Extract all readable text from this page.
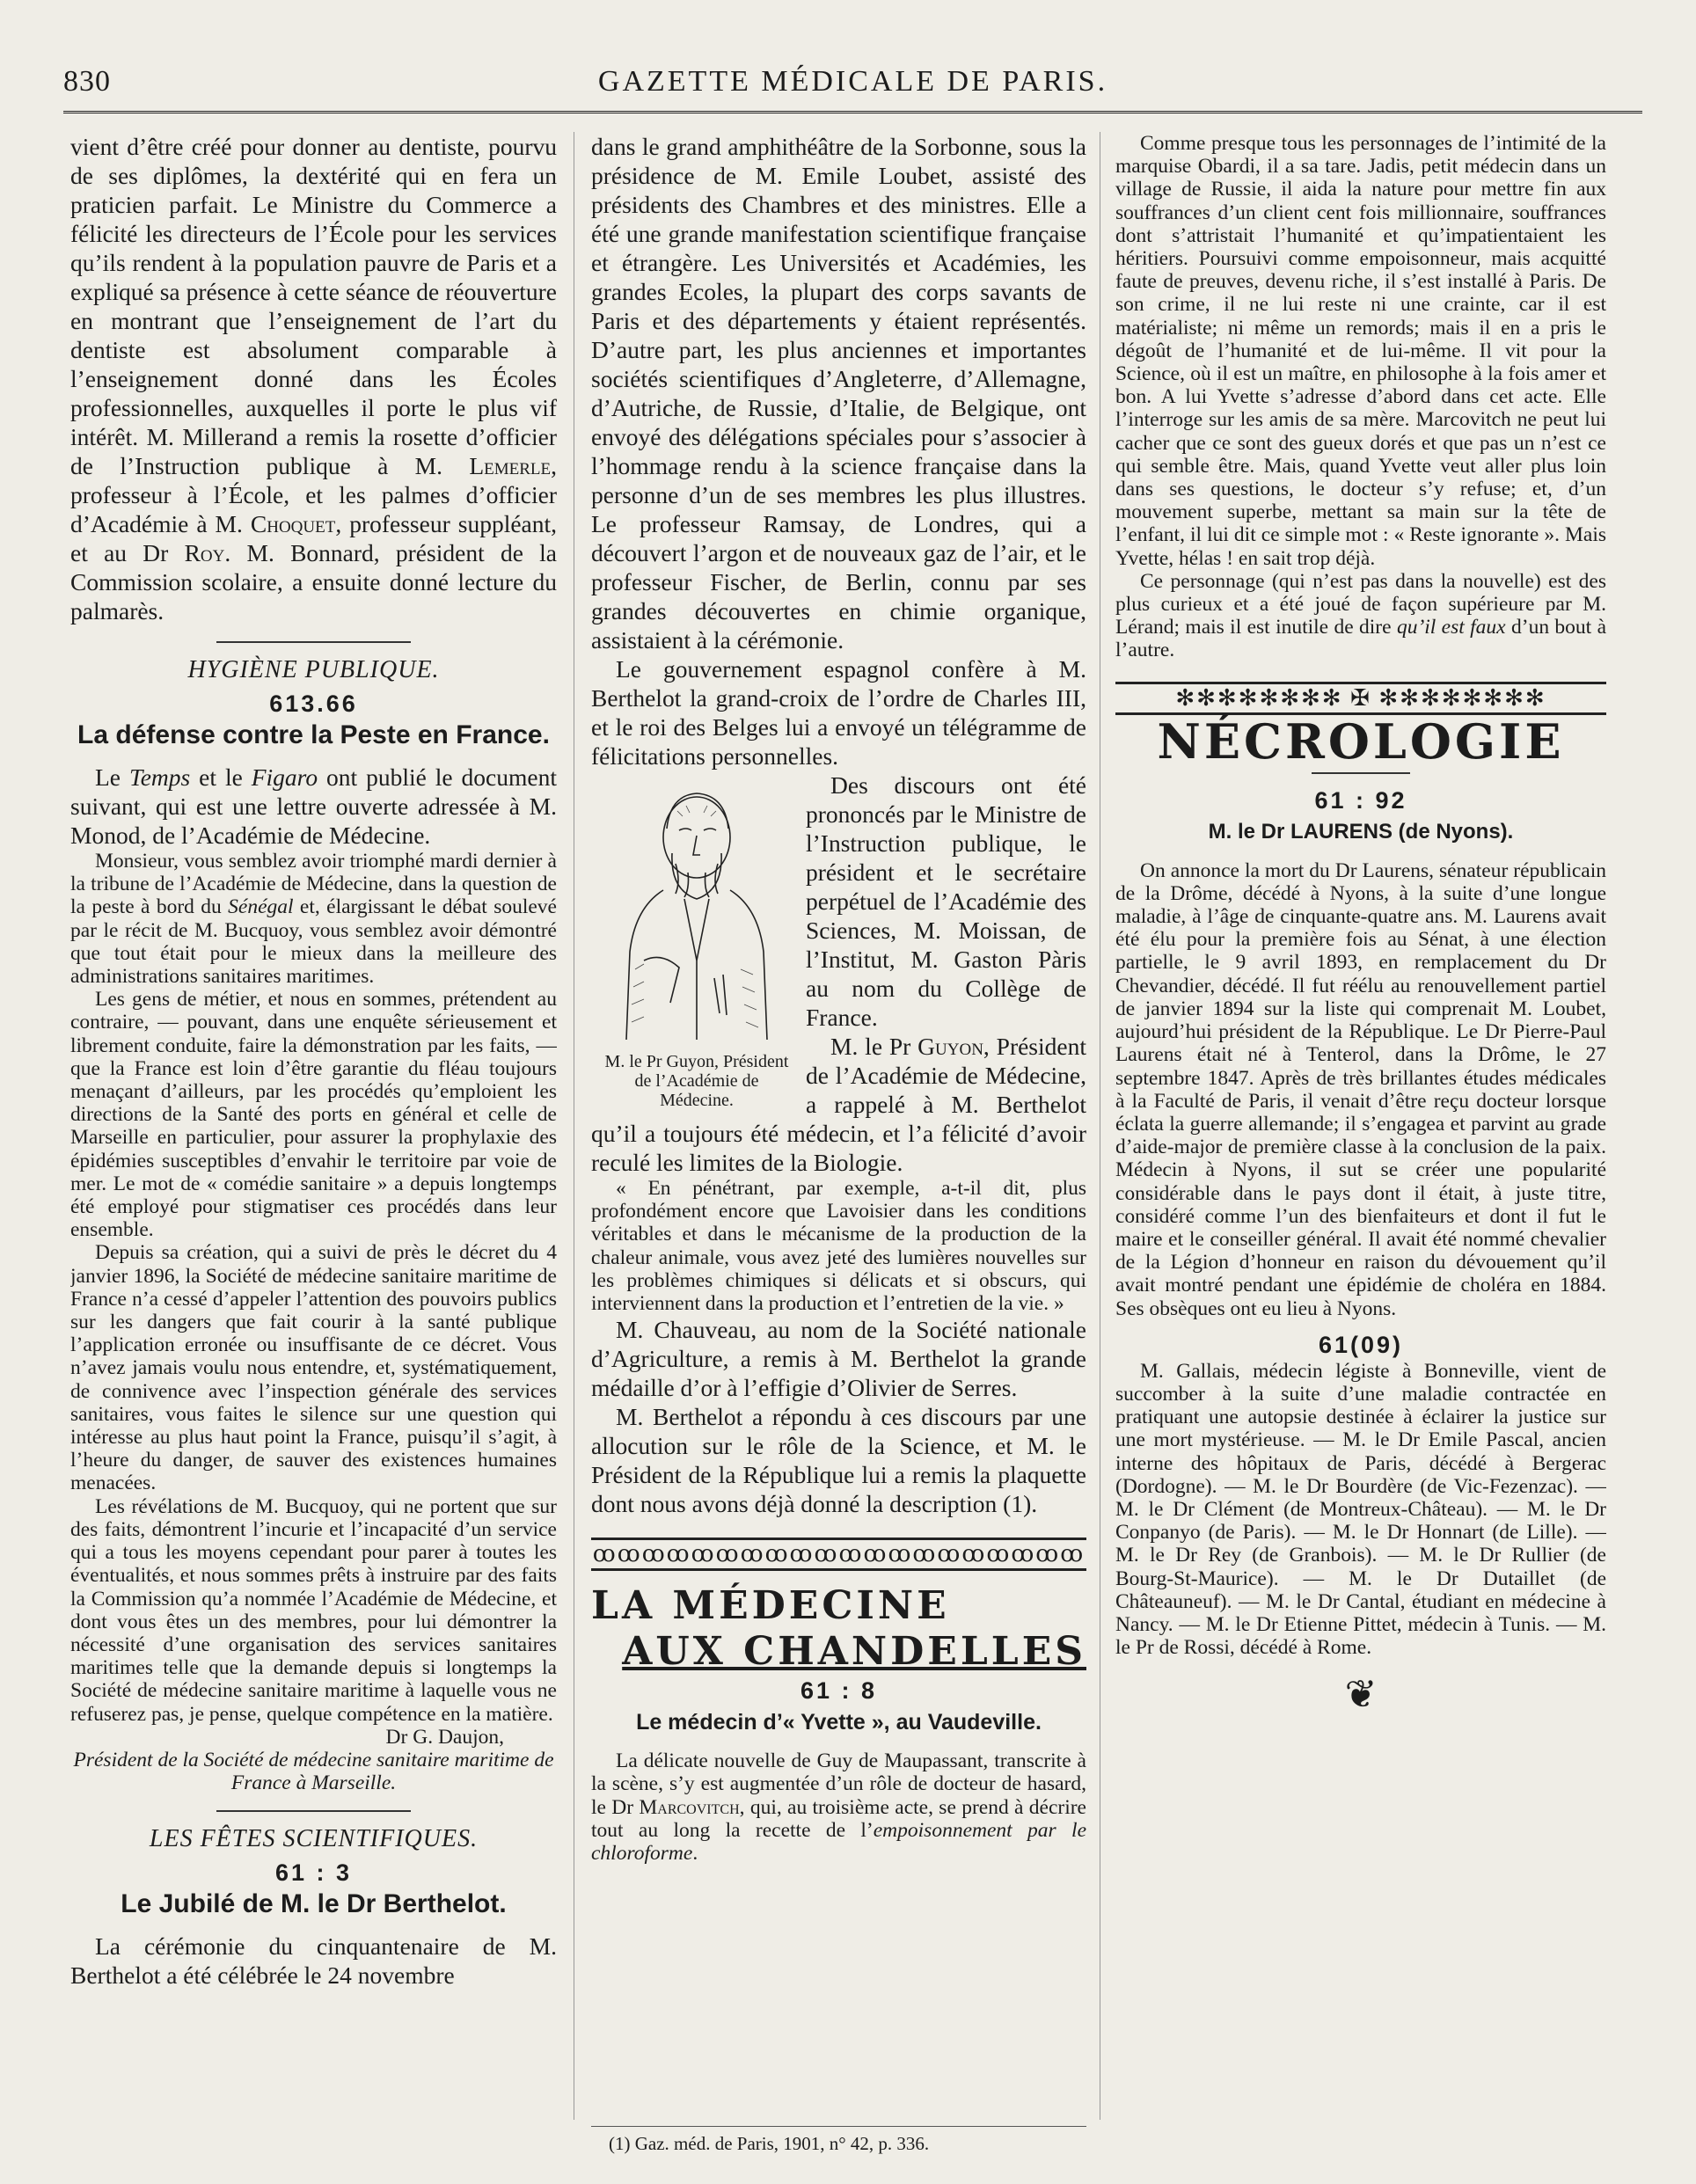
830	GAZETTE MÉDICALE DE PARIS.

vient d’être créé pour donner au dentiste, pourvu de ses diplômes, la dextérité qui en fera un praticien parfait. Le Ministre du Commerce a félicité les directeurs de l’École pour les services qu’ils rendent à la population pauvre de Paris et a expliqué sa présence à cette séance de réouverture en montrant que l’enseignement de l’art du dentiste est absolument comparable à l’enseignement donné dans les Écoles professionnelles, auxquelles il porte le plus vif intérêt. M. Millerand a remis la rosette d’officier de l’Instruction publique à M. Lemerle, professeur à l’École, et les palmes d’officier d’Académie à M. Choquet, professeur suppléant, et au Dr Roy. M. Bonnard, président de la Commission scolaire, a ensuite donné lecture du palmarès.

HYGIÈNE PUBLIQUE.

613.66

La défense contre la Peste en France.

Le Temps et le Figaro ont publié le document suivant, qui est une lettre ouverte adressée à M. Monod, de l’Académie de Médecine.

Monsieur, vous semblez avoir triomphé mardi dernier à la tribune de l’Académie de Médecine, dans la question de la peste à bord du Sénégal et, élargissant le débat soulevé par le récit de M. Bucquoy, vous semblez avoir démontré que tout était pour le mieux dans la meilleure des administrations sanitaires maritimes.

Les gens de métier, et nous en sommes, prétendent au contraire, — pouvant, dans une enquête sérieusement et librement conduite, faire la démonstration par les faits, — que la France est loin d’être garantie du fléau toujours menaçant d’ailleurs, par les procédés qu’emploient les directions de la Santé des ports en général et celle de Marseille en particulier, pour assurer la prophylaxie des épidémies susceptibles d’envahir le territoire par voie de mer. Le mot de « comédie sanitaire » a depuis longtemps été employé pour stigmatiser ces procédés dans leur ensemble.

Depuis sa création, qui a suivi de près le décret du 4 janvier 1896, la Société de médecine sanitaire maritime de France n’a cessé d’appeler l’attention des pouvoirs publics sur les dangers que fait courir à la santé publique l’application erronée ou insuffisante de ce décret. Vous n’avez jamais voulu nous entendre, et, systématiquement, de connivence avec l’inspection générale des services sanitaires, vous faites le silence sur une question qui intéresse au plus haut point la France, puisqu’il s’agit, à l’heure du danger, de sauver des existences humaines menacées.

Les révélations de M. Bucquoy, qui ne portent que sur des faits, démontrent l’incurie et l’incapacité d’un service qui a tous les moyens cependant pour parer à toutes les éventualités, et nous sommes prêts à instruire par des faits la Commission qu’a nommée l’Académie de Médecine, et dont vous êtes un des membres, pour lui démontrer la nécessité d’une organisation des services sanitaires maritimes telle que la demande depuis si longtemps la Société de médecine sanitaire maritime à laquelle vous ne refuserez pas, je pense, quelque compétence en la matière.

Dr G. Daujon,

Président de la Société de médecine sanitaire maritime de France à Marseille.

LES FÊTES SCIENTIFIQUES.

61 : 3

Le Jubilé de M. le Dr Berthelot.

La cérémonie du cinquantenaire de M. Berthelot a été célébrée le 24 novembre

dans le grand amphithéâtre de la Sorbonne, sous la présidence de M. Emile Loubet, assisté des présidents des Chambres et des ministres. Elle a été une grande manifestation scientifique française et étrangère. Les Universités et Académies, les grandes Ecoles, la plupart des corps savants de Paris et des départements y étaient représentés. D’autre part, les plus anciennes et importantes sociétés scientifiques d’Angleterre, d’Allemagne, d’Autriche, de Russie, d’Italie, de Belgique, ont envoyé des délégations spéciales pour s’associer à l’hommage rendu à la science française dans la personne d’un de ses membres les plus illustres. Le professeur Ramsay, de Londres, qui a découvert l’argon et de nouveaux gaz de l’air, et le professeur Fischer, de Berlin, connu par ses grandes découvertes en chimie organique, assistaient à la cérémonie.

Le gouvernement espagnol confère à M. Berthelot la grand-croix de l’ordre de Charles III, et le roi des Belges lui a envoyé un télégramme de félicitations personnelles.

M. le Pr Guyon, Président de l’Académie de Médecine.

Des discours ont été prononcés par le Ministre de l’Instruction publique, le président et le secrétaire perpétuel de l’Académie des Sciences, M. Moissan, de l’Institut, M. Gaston Pàris au nom du Collège de France.

M. le Pr Guyon, Président de l’Académie de Médecine, a rappelé à M. Berthelot qu’il a toujours été médecin, et l’a félicité d’avoir reculé les limites de la Biologie.

« En pénétrant, par exemple, a-t-il dit, plus profondément encore que Lavoisier dans les conditions véritables et dans le mécanisme de la production de la chaleur animale, vous avez jeté des lumières nouvelles sur les problèmes chimiques si délicats et si obscurs, qui interviennent dans la production et l’entretien de la vie. »

M. Chauveau, au nom de la Société nationale d’Agriculture, a remis à M. Berthelot la grande médaille d’or à l’effigie d’Olivier de Serres.

M. Berthelot a répondu à ces discours par une allocution sur le rôle de la Science, et M. le Président de la République lui a remis la plaquette dont nous avons déjà donné la description (1).

ꝏꝏꝏꝏꝏꝏꝏꝏꝏꝏꝏꝏꝏꝏꝏꝏꝏꝏꝏꝏ

LA MÉDECINE

AUX CHANDELLES

61 : 8

Le médecin d’« Yvette », au Vaudeville.

La délicate nouvelle de Guy de Maupassant, transcrite à la scène, s’y est augmentée d’un rôle de docteur de hasard, le Dr Marcovitch, qui, au troisième acte, se prend à décrire tout au long la recette de l’empoisonnement par le chloroforme.

(1) Gaz. méd. de Paris, 1901, n° 42, p. 336.

Comme presque tous les personnages de l’intimité de la marquise Obardi, il a sa tare. Jadis, petit médecin dans un village de Russie, il aida la nature pour mettre fin aux souffrances d’un client cent fois millionnaire, souffrances dont s’attristait l’humanité et qu’impatientaient les héritiers. Poursuivi comme empoisonneur, mais acquitté faute de preuves, devenu riche, il s’est installé à Paris. De son crime, il ne lui reste ni une crainte, car il est matérialiste; ni même un remords; mais il en a pris le dégoût de l’humanité et de lui-même. Il vit pour la Science, où il est un maître, en philosophe à la fois amer et bon. A lui Yvette s’adresse d’abord dans cet acte. Elle l’interroge sur les amis de sa mère. Marcovitch ne peut lui cacher que ce sont des gueux dorés et que pas un n’est ce qui semble être. Mais, quand Yvette veut aller plus loin dans ses questions, le docteur s’y refuse; et, d’un mouvement superbe, mettant sa main sur la tête de l’enfant, il lui dit ce simple mot : « Reste ignorante ». Mais Yvette, hélas ! en sait trop déjà.

Ce personnage (qui n’est pas dans la nouvelle) est des plus curieux et a été joué de façon supérieure par M. Lérand; mais il est inutile de dire qu’il est faux d’un bout à l’autre.

✻✻✻✻✻✻✻✻ ✠ ✻✻✻✻✻✻✻✻

NÉCROLOGIE

61 : 92

M. le Dr LAURENS (de Nyons).

On annonce la mort du Dr Laurens, sénateur républicain de la Drôme, décédé à Nyons, à la suite d’une longue maladie, à l’âge de cinquante-quatre ans. M. Laurens avait été élu pour la première fois au Sénat, à une élection partielle, le 9 avril 1893, en remplacement du Dr Chevandier, décédé. Il fut réélu au renouvellement partiel de janvier 1894 sur la liste qui comprenait M. Loubet, aujourd’hui président de la République. Le Dr Pierre-Paul Laurens était né à Tenterol, dans la Drôme, le 27 septembre 1847. Après de très brillantes études médicales à la Faculté de Paris, il venait d’être reçu docteur lorsque éclata la guerre allemande; il s’engagea et parvint au grade d’aide-major de première classe à la conclusion de la paix. Médecin à Nyons, il sut se créer une popularité considérable dans le pays dont il était, à juste titre, considéré comme l’un des bienfaiteurs et dont il fut le maire et le conseiller général. Il avait été nommé chevalier de la Légion d’honneur en raison du dévouement qu’il avait montré pendant une épidémie de choléra en 1884. Ses obsèques ont eu lieu à Nyons.

61(09)

M. Gallais, médecin légiste à Bonneville, vient de succomber à la suite d’une maladie contractée en pratiquant une autopsie destinée à éclairer la justice sur une mort mystérieuse. — M. le Dr Emile Pascal, ancien interne des hôpitaux de Paris, décédé à Bergerac (Dordogne). — M. le Dr Bourdère (de Vic-Fezenzac). — M. le Dr Clément (de Montreux-Château). — M. le Dr Conpanyo (de Paris). — M. le Dr Honnart (de Lille). — M. le Dr Rey (de Granbois). — M. le Dr Rullier (de Bourg-St-Maurice). — M. le Dr Dutaillet (de Châteauneuf). — M. le Dr Cantal, étudiant en médecine à Nancy. — M. le Dr Etienne Pittet, médecin à Tunis. — M. le Pr de Rossi, décédé à Rome.

❦
